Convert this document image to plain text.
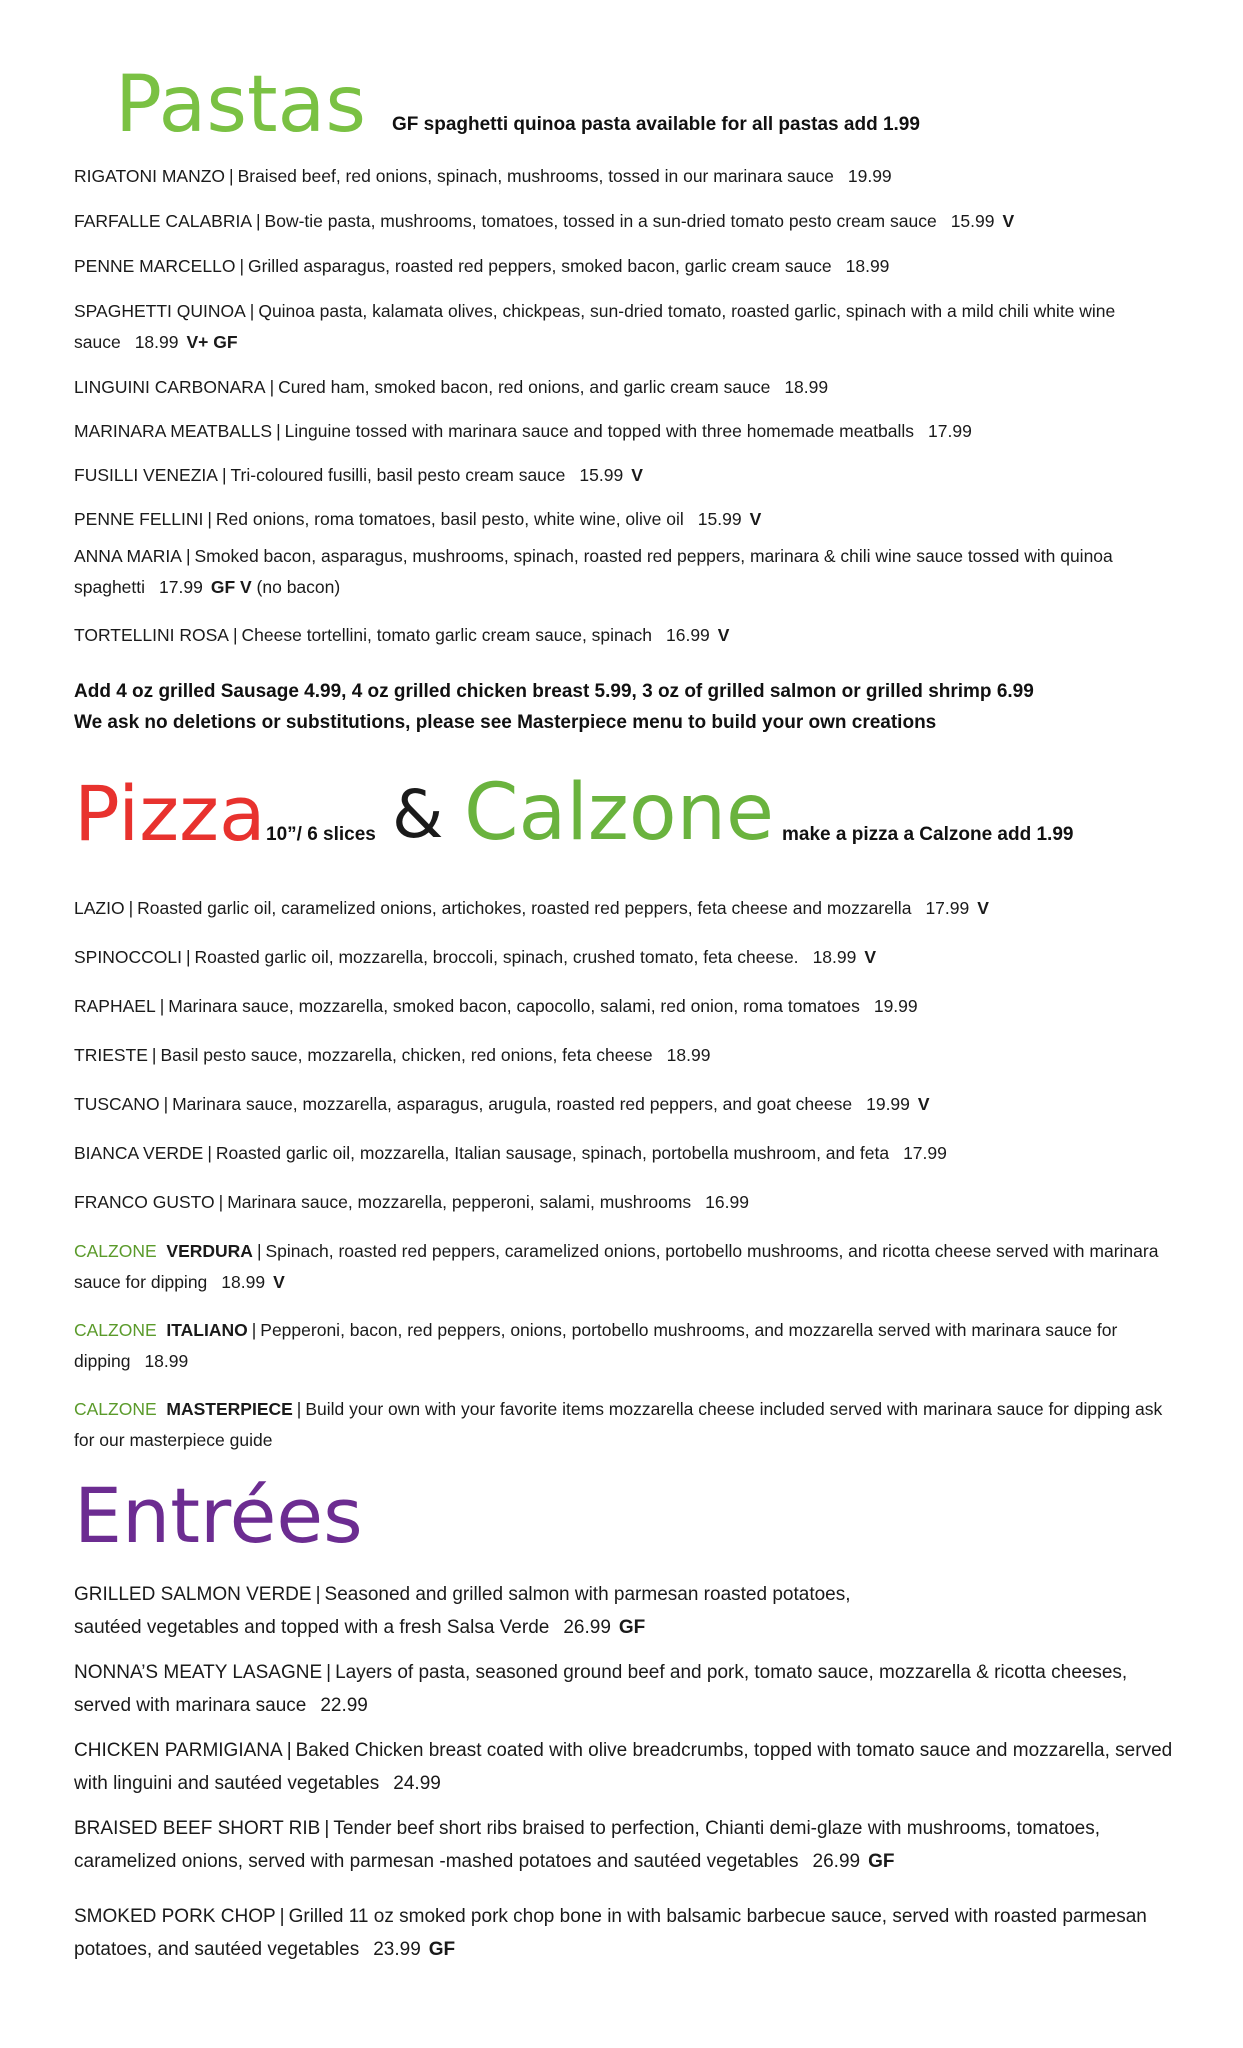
Pastas GF spaghetti quinoa pasta available for all pastas add 1.99
RIGATONI MANZO | Braised beef, red onions, spinach, mushrooms, tossed in our marinara sauce 19.99
FARFALLE CALABRIA | Bow-tie pasta, mushrooms, tomatoes, tossed in a sun-dried tomato pesto cream sauce 15.99 V
PENNE MARCELLO | Grilled asparagus, roasted red peppers, smoked bacon, garlic cream sauce 18.99
SPAGHETTI QUINOA | Quinoa pasta, kalamata olives, chickpeas, sun-dried tomato, roasted garlic, spinach with a mild chili white wine sauce 18.99 V+ GF
LINGUINI CARBONARA | Cured ham, smoked bacon, red onions, and garlic cream sauce 18.99
MARINARA MEATBALLS | Linguine tossed with marinara sauce and topped with three homemade meatballs 17.99
FUSILLI VENEZIA | Tri-coloured fusilli, basil pesto cream sauce 15.99 V
PENNE FELLINI | Red onions, roma tomatoes, basil pesto, white wine, olive oil 15.99 V
ANNA MARIA | Smoked bacon, asparagus, mushrooms, spinach, roasted red peppers, marinara & chili wine sauce tossed with quinoa spaghetti 17.99 GF V (no bacon)
TORTELLINI ROSA | Cheese tortellini, tomato garlic cream sauce, spinach 16.99 V
Add 4 oz grilled Sausage 4.99, 4 oz grilled chicken breast 5.99, 3 oz of grilled salmon or grilled shrimp 6.99
We ask no deletions or substitutions, please see Masterpiece menu to build your own creations
Pizza 10”/ 6 slices & Calzone make a pizza a Calzone add 1.99
LAZIO | Roasted garlic oil, caramelized onions, artichokes, roasted red peppers, feta cheese and mozzarella 17.99 V
SPINOCCOLI | Roasted garlic oil, mozzarella, broccoli, spinach, crushed tomato, feta cheese. 18.99 V
RAPHAEL | Marinara sauce, mozzarella, smoked bacon, capocollo, salami, red onion, roma tomatoes 19.99
TRIESTE | Basil pesto sauce, mozzarella, chicken, red onions, feta cheese 18.99
TUSCANO | Marinara sauce, mozzarella, asparagus, arugula, roasted red peppers, and goat cheese 19.99 V
BIANCA VERDE | Roasted garlic oil, mozzarella, Italian sausage, spinach, portobella mushroom, and feta 17.99
FRANCO GUSTO | Marinara sauce, mozzarella, pepperoni, salami, mushrooms 16.99
CALZONE VERDURA | Spinach, roasted red peppers, caramelized onions, portobello mushrooms, and ricotta cheese served with marinara sauce for dipping 18.99 V
CALZONE ITALIANO | Pepperoni, bacon, red peppers, onions, portobello mushrooms, and mozzarella served with marinara sauce for dipping 18.99
CALZONE MASTERPIECE | Build your own with your favorite items mozzarella cheese included served with marinara sauce for dipping ask for our masterpiece guide
Entrées
GRILLED SALMON VERDE | Seasoned and grilled salmon with parmesan roasted potatoes, sautéed vegetables and topped with a fresh Salsa Verde 26.99 GF
NONNA’S MEATY LASAGNE | Layers of pasta, seasoned ground beef and pork, tomato sauce, mozzarella & ricotta cheeses, served with marinara sauce 22.99
CHICKEN PARMIGIANA | Baked Chicken breast coated with olive breadcrumbs, topped with tomato sauce and mozzarella, served with linguini and sautéed vegetables 24.99
BRAISED BEEF SHORT RIB | Tender beef short ribs braised to perfection, Chianti demi-glaze with mushrooms, tomatoes, caramelized onions, served with parmesan -mashed potatoes and sautéed vegetables 26.99 GF
SMOKED PORK CHOP | Grilled 11 oz smoked pork chop bone in with balsamic barbecue sauce, served with roasted parmesan potatoes, and sautéed vegetables 23.99 GF
